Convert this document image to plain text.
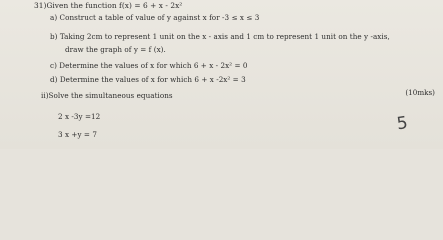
31)Given the function f(x) = 6 + x - 2x²
a) Construct a table of value of y against x for -3 ≤ x ≤ 3
b) Taking 2cm to represent 1 unit on the x - axis and 1 cm to represent 1 unit on the y -axis,
draw the graph of y = f (x).
c) Determine the values of x for which 6 + x - 2x² = 0
d) Determine the values of x for which 6 + x -2x² = 3
(10mks)
ii)Solve the simultaneous equations
2 x -3y =12
3 x +y = 7
5
